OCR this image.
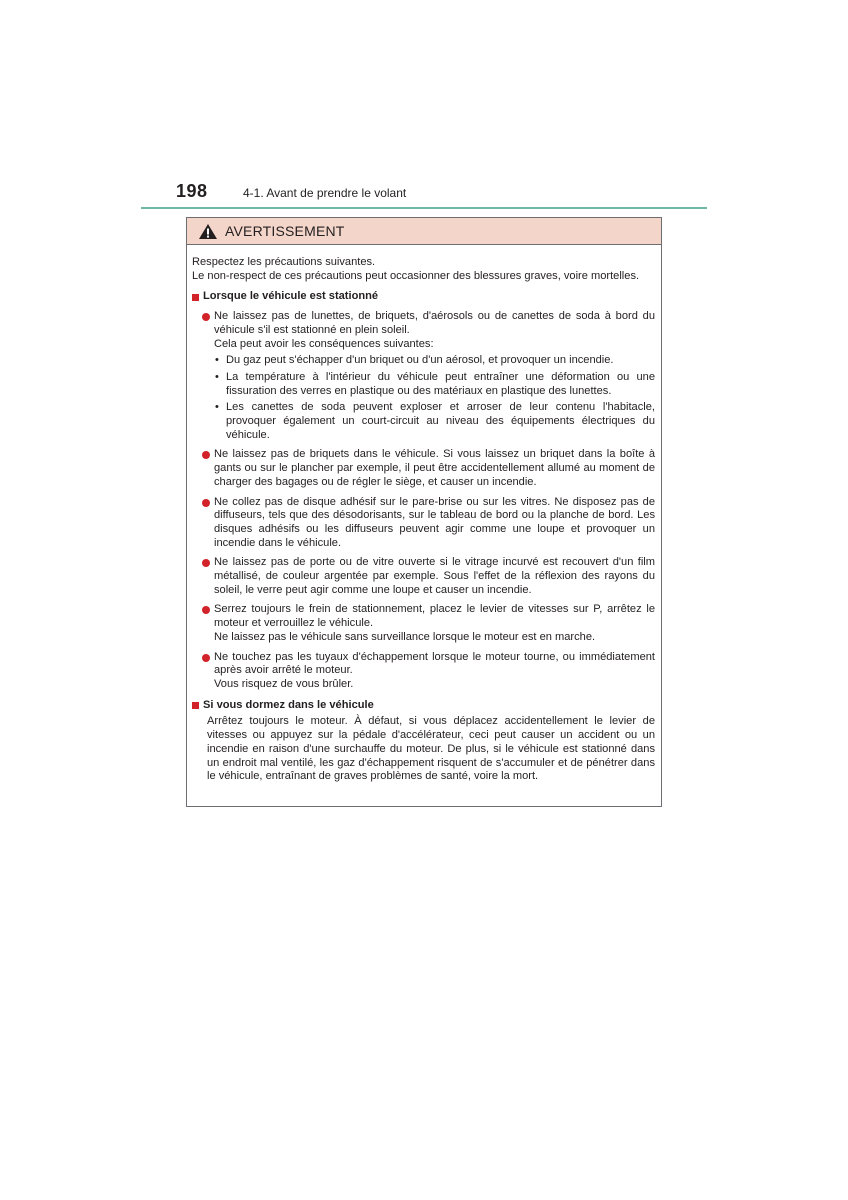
198	4-1. Avant de prendre le volant
AVERTISSEMENT

Respectez les précautions suivantes.

Le non-respect de ces précautions peut occasionner des blessures graves, voire mortelles.

Lorsque le véhicule est stationné
Ne laissez pas de lunettes, de briquets, d'aérosols ou de canettes de soda à bord du véhicule s'il est stationné en plein soleil.
Cela peut avoir les conséquences suivantes:
• Du gaz peut s'échapper d'un briquet ou d'un aérosol, et provoquer un incendie.
• La température à l'intérieur du véhicule peut entraîner une déformation ou une fissuration des verres en plastique ou des matériaux en plastique des lunettes.
• Les canettes de soda peuvent exploser et arroser de leur contenu l'habitacle, provoquer également un court-circuit au niveau des équipements électriques du véhicule.
Ne laissez pas de briquets dans le véhicule. Si vous laissez un briquet dans la boîte à gants ou sur le plancher par exemple, il peut être accidentellement allumé au moment de charger des bagages ou de régler le siège, et causer un incendie.
Ne collez pas de disque adhésif sur le pare-brise ou sur les vitres. Ne disposez pas de diffuseurs, tels que des désodorisants, sur le tableau de bord ou la planche de bord. Les disques adhésifs ou les diffuseurs peuvent agir comme une loupe et provoquer un incendie dans le véhicule.
Ne laissez pas de porte ou de vitre ouverte si le vitrage incurvé est recouvert d'un film métallisé, de couleur argentée par exemple. Sous l'effet de la réflexion des rayons du soleil, le verre peut agir comme une loupe et causer un incendie.
Serrez toujours le frein de stationnement, placez le levier de vitesses sur P, arrêtez le moteur et verrouillez le véhicule.
Ne laissez pas le véhicule sans surveillance lorsque le moteur est en marche.
Ne touchez pas les tuyaux d'échappement lorsque le moteur tourne, ou immédiatement après avoir arrêté le moteur.
Vous risquez de vous brûler.
Si vous dormez dans le véhicule
Arrêtez toujours le moteur. À défaut, si vous déplacez accidentellement le levier de vitesses ou appuyez sur la pédale d'accélérateur, ceci peut causer un accident ou un incendie en raison d'une surchauffe du moteur. De plus, si le véhicule est stationné dans un endroit mal ventilé, les gaz d'échappement risquent de s'accumuler et de pénétrer dans le véhicule, entraînant de graves problèmes de santé, voire la mort.
